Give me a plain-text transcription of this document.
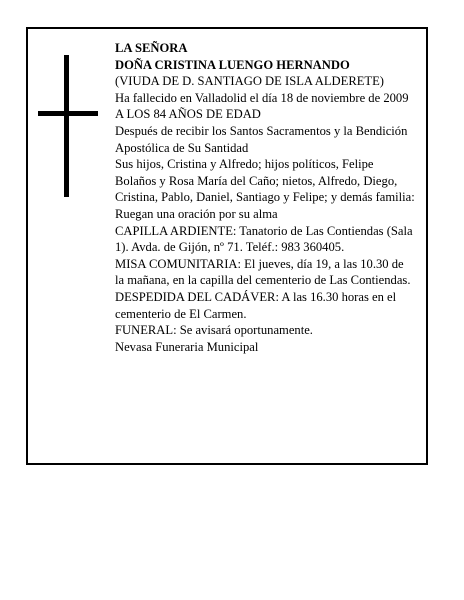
LA SEÑORA

DOÑA CRISTINA LUENGO HERNANDO

(VIUDA DE D. SANTIAGO DE ISLA ALDERETE)

Ha fallecido en Valladolid el día 18 de noviembre de 2009

A LOS 84 AÑOS DE EDAD

Después de recibir los Santos Sacramentos y la Bendición Apostólica de Su Santidad

Sus hijos, Cristina y Alfredo; hijos políticos, Felipe Bolaños y Rosa María del Caño; nietos, Alfredo, Diego, Cristina, Pablo, Daniel, Santiago y Felipe; y demás familia:

Ruegan una oración por su alma

CAPILLA ARDIENTE: Tanatorio de Las Contiendas (Sala 1). Avda. de Gijón, nº 71. Teléf.: 983 360405.

MISA COMUNITARIA: El jueves, día 19, a las 10.30 de la mañana, en la capilla del cementerio de Las Contiendas.

DESPEDIDA DEL CADÁVER: A las 16.30 horas en el cementerio de El Carmen.

FUNERAL: Se avisará oportunamente.

Nevasa Funeraria Municipal
